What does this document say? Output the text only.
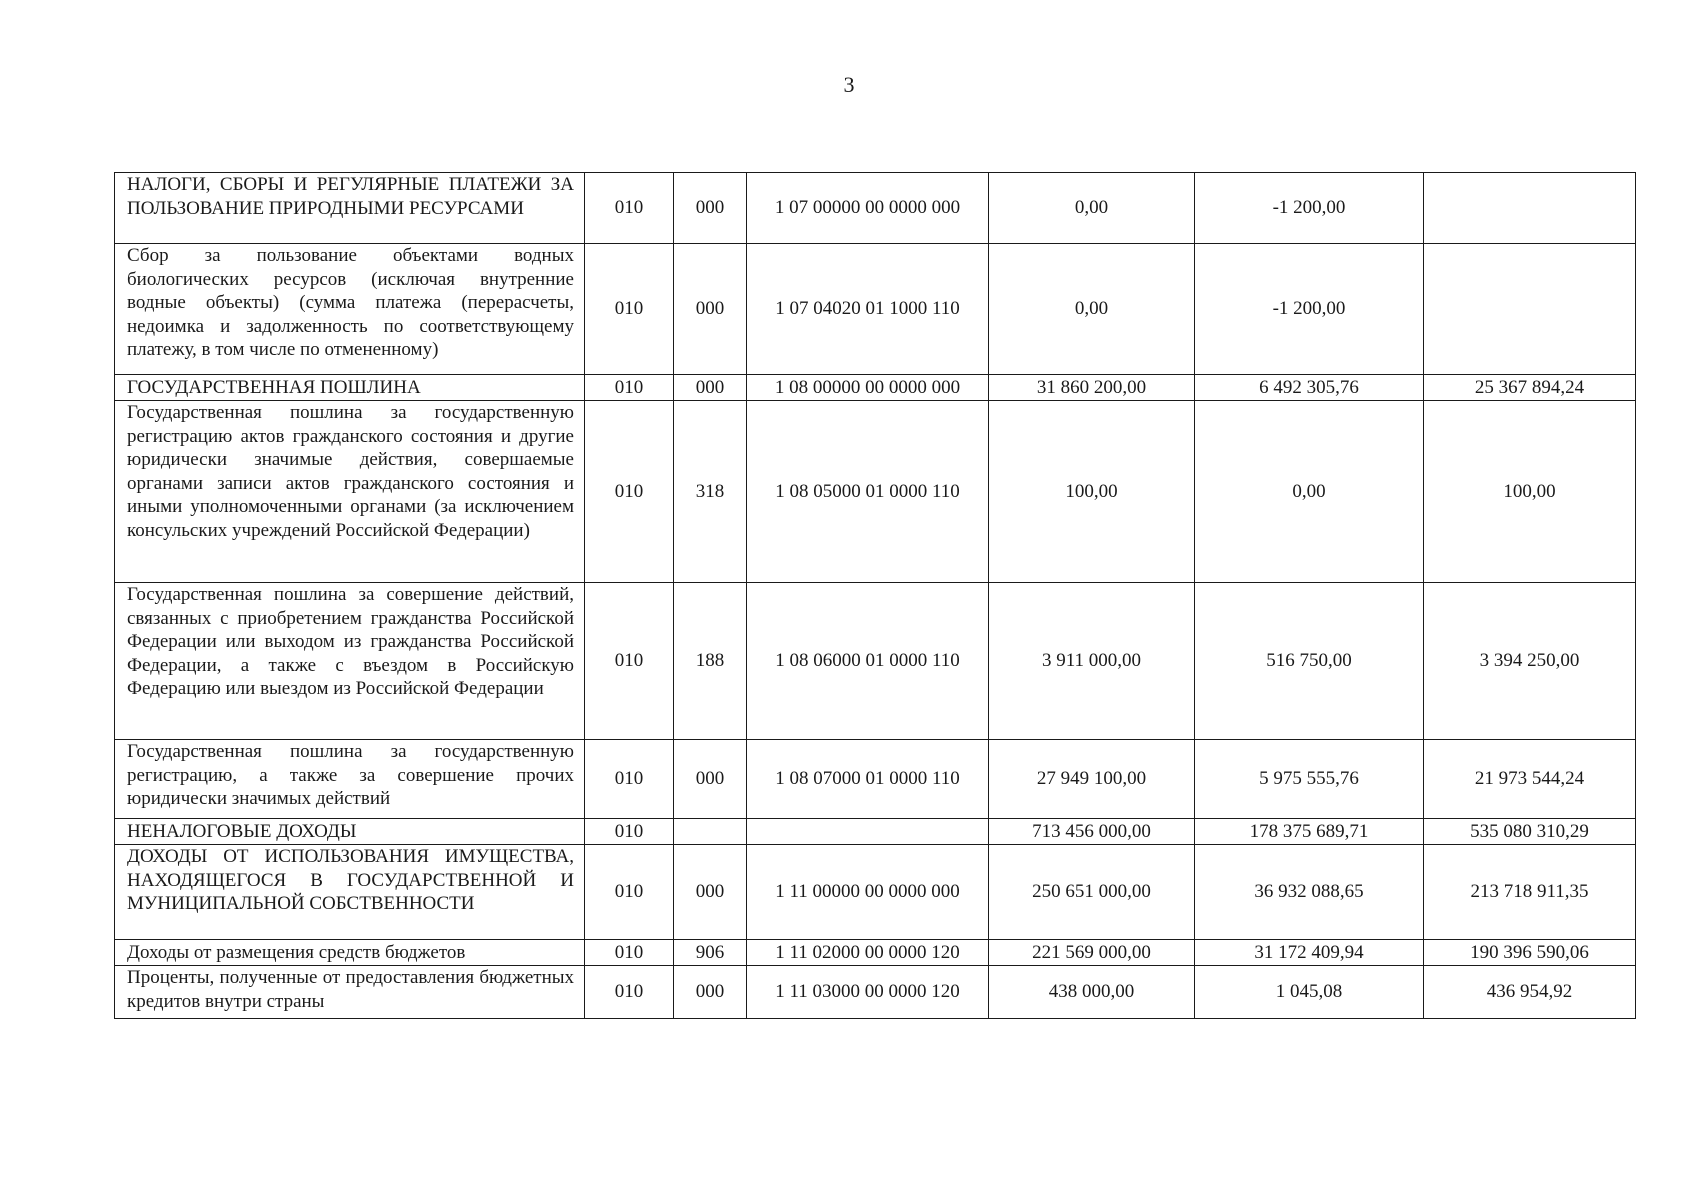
3
НАЛОГИ, СБОРЫ И РЕГУЛЯРНЫЕ ПЛАТЕЖИ ЗА ПОЛЬЗОВАНИЕ ПРИРОДНЫМИ РЕСУРСАМИ	010	000	1 07 00000 00 0000 000	0,00	-1 200,00	
Сбор за пользование объектами водных биологических ресурсов (исключая внутренние водные объекты) (сумма платежа (перерасчеты, недоимка и задолженность по соответствующему платежу, в том числе по отмененному)	010	000	1 07 04020 01 1000 110	0,00	-1 200,00	
ГОСУДАРСТВЕННАЯ ПОШЛИНА	010	000	1 08 00000 00 0000 000	31 860 200,00	6 492 305,76	25 367 894,24
Государственная пошлина за государственную регистрацию актов гражданского состояния и другие юридически значимые действия, совершаемые органами записи актов гражданского состояния и иными уполномоченными органами (за исключением консульских учреждений Российской Федерации)	010	318	1 08 05000 01 0000 110	100,00	0,00	100,00
Государственная пошлина за совершение действий, связанных с приобретением гражданства Российской Федерации или выходом из гражданства Российской Федерации, а также с въездом в Российскую Федерацию или выездом из Российской Федерации	010	188	1 08 06000 01 0000 110	3 911 000,00	516 750,00	3 394 250,00
Государственная пошлина за государственную регистрацию, а также за совершение прочих юридически значимых действий	010	000	1 08 07000 01 0000 110	27 949 100,00	5 975 555,76	21 973 544,24
НЕНАЛОГОВЫЕ ДОХОДЫ	010			713 456 000,00	178 375 689,71	535 080 310,29
ДОХОДЫ ОТ ИСПОЛЬЗОВАНИЯ ИМУЩЕСТВА, НАХОДЯЩЕГОСЯ В ГОСУДАРСТВЕННОЙ И МУНИЦИПАЛЬНОЙ СОБСТВЕННОСТИ	010	000	1 11 00000 00 0000 000	250 651 000,00	36 932 088,65	213 718 911,35
Доходы от размещения средств бюджетов	010	906	1 11 02000 00 0000 120	221 569 000,00	31 172 409,94	190 396 590,06
Проценты, полученные от предоставления бюджетных кредитов внутри страны	010	000	1 11 03000 00 0000 120	438 000,00	1 045,08	436 954,92
